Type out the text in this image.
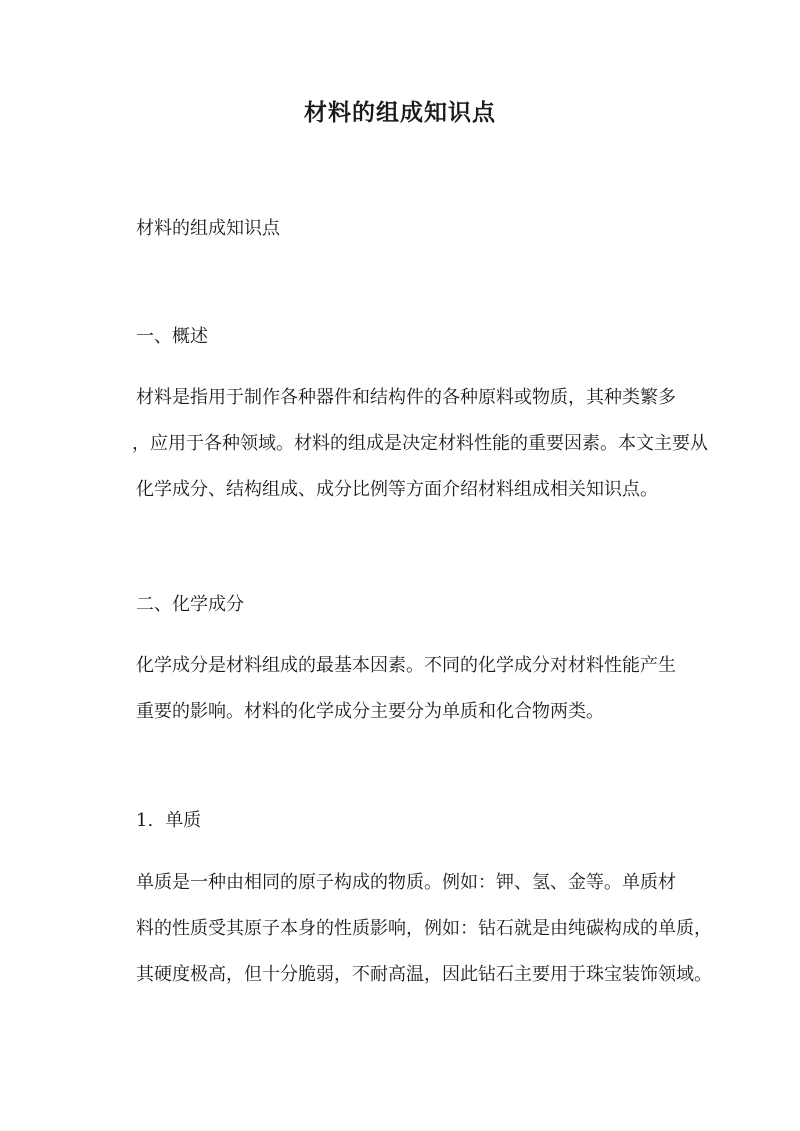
材料的组成知识点
材料的组成知识点
一、概述
材料是指用于制作各种器件和结构件的各种原料或物质，其种类繁多
，应用于各种领域。材料的组成是决定材料性能的重要因素。本文主要从
化学成分、结构组成、成分比例等方面介绍材料组成相关知识点。
二、化学成分
化学成分是材料组成的最基本因素。不同的化学成分对材料性能产生
重要的影响。材料的化学成分主要分为单质和化合物两类。
1. 单质
单质是一种由相同的原子构成的物质。例如：钾、氢、金等。单质材
料的性质受其原子本身的性质影响，例如：钻石就是由纯碳构成的单质，
其硬度极高，但十分脆弱，不耐高温，因此钻石主要用于珠宝装饰领域。
